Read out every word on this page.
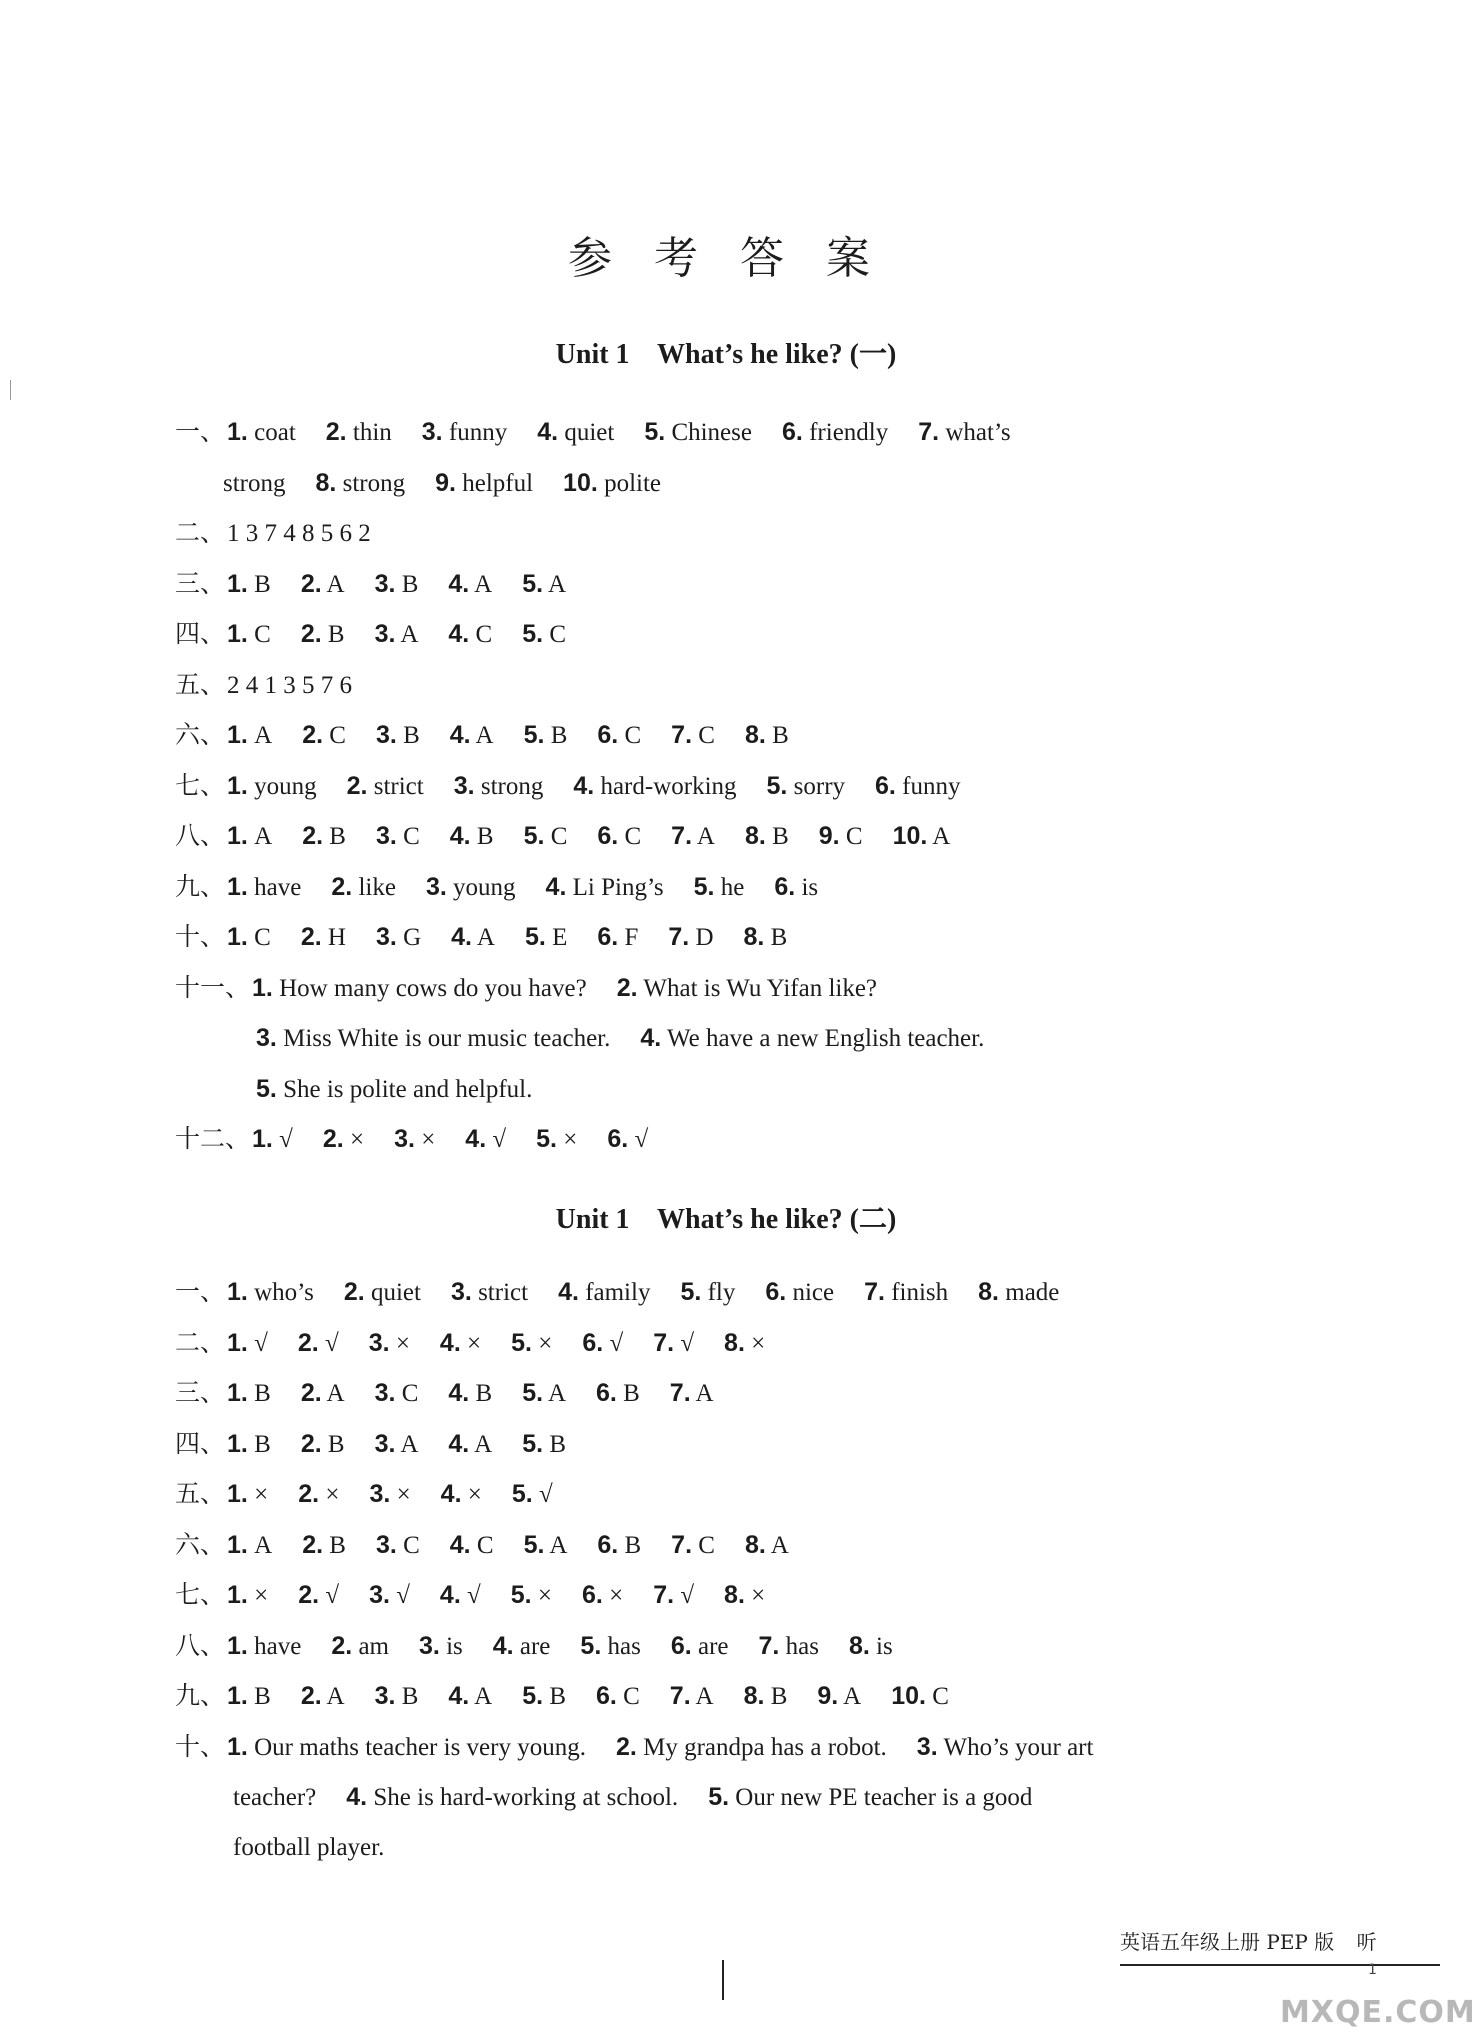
参 考 答 案
Unit 1    What’s he like? (一)
一、1. coat 2. thin 3. funny 4. quiet 5. Chinese 6. friendly 7. what’s
strong 8. strong 9. helpful 10. polite
二、1 3 7 4 8 5 6 2
三、1. B 2. A 3. B 4. A 5. A
四、1. C 2. B 3. A 4. C 5. C
五、2 4 1 3 5 7 6
六、1. A 2. C 3. B 4. A 5. B 6. C 7. C 8. B
七、1. young 2. strict 3. strong 4. hard-working 5. sorry 6. funny
八、1. A 2. B 3. C 4. B 5. C 6. C 7. A 8. B 9. C 10. A
九、1. have 2. like 3. young 4. Li Ping’s 5. he 6. is
十、1. C 2. H 3. G 4. A 5. E 6. F 7. D 8. B
十一、1. How many cows do you have? 2. What is Wu Yifan like?
3. Miss White is our music teacher. 4. We have a new English teacher.
5. She is polite and helpful.
十二、1. √ 2. × 3. × 4. √ 5. × 6. √
Unit 1    What’s he like? (二)
一、1. who’s 2. quiet 3. strict 4. family 5. fly 6. nice 7. finish 8. made
二、1. √ 2. √ 3. × 4. × 5. × 6. √ 7. √ 8. ×
三、1. B 2. A 3. C 4. B 5. A 6. B 7. A
四、1. B 2. B 3. A 4. A 5. B
五、1. × 2. × 3. × 4. × 5. √
六、1. A 2. B 3. C 4. C 5. A 6. B 7. C 8. A
七、1. × 2. √ 3. √ 4. √ 5. × 6. × 7. √ 8. ×
八、1. have 2. am 3. is 4. are 5. has 6. are 7. has 8. is
九、1. B 2. A 3. B 4. A 5. B 6. C 7. A 8. B 9. A 10. C
十、1. Our maths teacher is very young. 2. My grandpa has a robot. 3. Who’s your art
teacher? 4. She is hard-working at school. 5. Our new PE teacher is a good
football player.
英语五年级上册 PEP 版 听
1
MXQE.COM
